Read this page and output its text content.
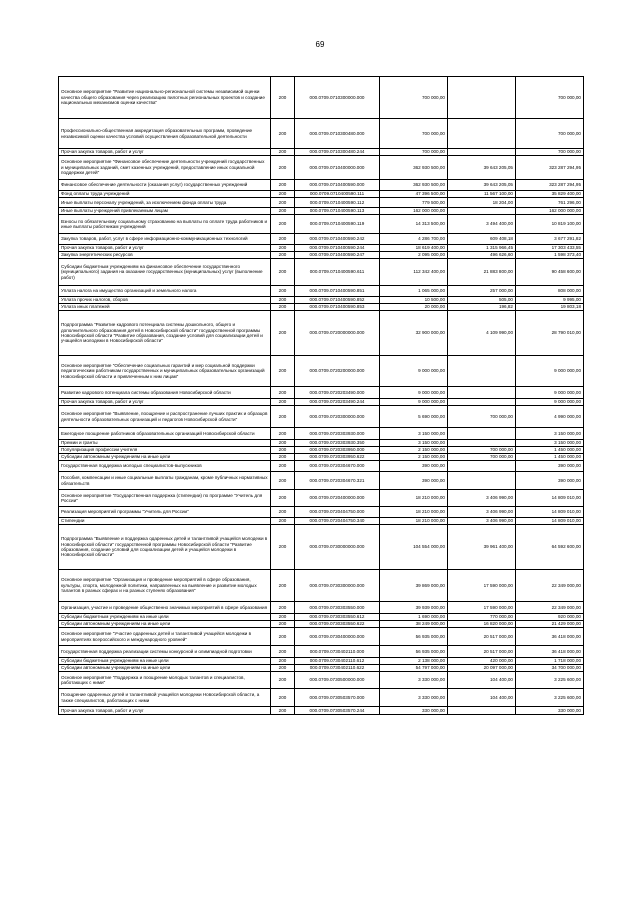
69
Основное мероприятие "Развитие национально-региональной системы независимой оценки качества общего образования через реализацию пилотных региональных проектов и создание национальных механизмов оценки качества"	200	000.0709.0710300000.000	700 000,00		700 000,00
Профессионально-общественная аккредитация образовательных программ, проведение независимой оценки качества условий осуществления образовательной деятельности	200	000.0709.0710300480.000	700 000,00		700 000,00
Прочая закупка товаров, работ и услуг	200	000.0709.0710300480.244	700 000,00		700 000,00
Основное мероприятие "Финансовое обеспечение деятельности учреждений государственных и муниципальных заданий, смет казенных учреждений, предоставление иных социальной поддержки детей"	200	000.0709.0710400000.000	362 930 500,00	39 643 205,05	323 287 294,95
Финансовое обеспечение деятельности (оказания услуг) государственных учреждений	200	000.0709.0710400590.000	362 930 500,00	39 643 205,05	323 287 294,95
Фонд оплаты труда учреждений	200	000.0709.0710400590.111	47 396 500,00	11 567 100,00	35 829 400,00
Иные выплаты персоналу учреждений, за исключением фонда оплаты труда	200	000.0709.0710400590.112	779 500,00	18 204,00	761 296,00
Иные выплаты учреждений привлекаемым лицам	200	000.0709.0710400590.113	162 000 000,00		162 000 000,00
Взносы по обязательному социальному страхованию на выплаты по оплате труда работников и иные выплаты работникам учреждений	200	000.0709.0710400590.119	14 313 500,00	3 494 400,00	10 819 100,00
Закупка товаров, работ, услуг в сфере информационно-коммуникационных технологий	200	000.0709.0710400590.242	4 286 700,00	609 408,18	3 677 291,82
Прочая закупка товаров, работ и услуг	200	000.0709.0710400590.244	18 619 400,00	1 315 966,45	17 303 433,55
Закупка энергетических ресурсов	200	000.0709.0710400590.247	2 095 000,00	496 626,60	1 598 373,40
Субсидии бюджетным учреждениям на финансовое обеспечение государственного (муниципального) задания на оказание государственных (муниципальных) услуг (выполнение работ)	200	000.0709.0710400590.611	112 342 400,00	21 883 800,00	90 458 600,00
Уплата налога на имущество организаций и земельного налога	200	000.0709.0710400590.851	1 065 000,00	257 000,00	808 000,00
Уплата прочих налогов, сборов	200	000.0709.0710400590.852	10 500,00	505,00	9 995,00
Уплата иных платежей	200	000.0709.0710400590.853	20 000,00	196,82	19 803,18
Подпрограмма "Развитие кадрового потенциала системы дошкольного, общего и дополнительного образования детей в Новосибирской области" государственной программы Новосибирской области "Развитие образования, создание условий для социализации детей и учащейся молодежи в Новосибирской области"	200	000.0709.0720000000.000	32 900 000,00	4 109 990,00	28 790 010,00
Основное мероприятие "Обеспечение социальных гарантий и мер социальной поддержки педагогическим работникам государственных и муниципальных образовательных организаций Новосибирской области и привлеченным к ним лицам"	200	000.0709.0720200000.000	9 000 000,00		9 000 000,00
Развитие кадрового потенциала системы образования Новосибирской области	200	000.0709.0720203490.000	9 000 000,00		9 000 000,00
Прочая закупка товаров, работ и услуг	200	000.0709.0720203490.244	9 000 000,00		9 000 000,00
Основное мероприятие "Выявление, поощрение и распространение лучших практик и образцов деятельности образовательных организаций и педагогов Новосибирской области"	200	000.0709.0720300000.000	5 690 000,00	700 000,00	4 990 000,00
Ежегодное поощрение работников образовательных организаций Новосибирской области	200	000.0709.0720303930.000	3 150 000,00		3 150 000,00
Премии и гранты	200	000.0709.0720303930.350	3 150 000,00		3 150 000,00
Популяризация профессии учителя	200	000.0709.0720303950.000	2 150 000,00	700 000,00	1 450 000,00
Субсидии автономным учреждениям на иные цели	200	000.0709.0720303950.622	2 150 000,00	700 000,00	1 450 000,00
Государственная поддержка молодых специалистов-выпускников	200	000.0709.0720304670.000	390 000,00		390 000,00
Пособия, компенсации и иные социальные выплаты гражданам, кроме публичных нормативных обязательств	200	000.0709.0720304670.321	390 000,00		390 000,00
Основное мероприятие "Государственная поддержка (стипендии) по программе "Учитель для России"	200	000.0709.0720400000.000	18 210 000,00	3 406 990,00	14 809 010,00
Реализация мероприятий программы "Учитель для России"	200	000.0709.0720404750.000	18 210 000,00	3 406 990,00	14 809 010,00
Стипендии	200	000.0709.0720404750.340	18 210 000,00	3 406 990,00	14 809 010,00
Подпрограмма "Выявление и поддержка одаренных детей и талантливой учащейся молодежи в Новосибирской области" государственной программы Новосибирской области "Развитие образования, создание условий для социализации детей и учащейся молодежи в Новосибирской области"	200	000.0709.0730000000.000	104 554 000,00	39 961 400,00	64 592 600,00
Основное мероприятие "Организация и проведение мероприятий в сфере образования, культуры, спорта, молодежной политики, направленных на выявление и развитие молодых талантов в разных сферах и на разных ступенях образования"	200	000.0709.0730300000.000	39 869 000,00	17 590 000,00	22 349 000,00
Организация, участие и проведение общественно значимых мероприятий в сфере образования	200	000.0709.0730303550.000	39 939 000,00	17 590 000,00	22 349 000,00
Субсидии бюджетным учреждениям на иные цели	200	000.0709.0730303550.612	1 690 000,00	770 000,00	920 000,00
Субсидии автономным учреждениям на иные цели	200	000.0709.0730303550.622	38 249 000,00	16 820 000,00	21 429 000,00
Основное мероприятие "Участие одаренных детей и талантливой учащейся молодежи в мероприятиях всероссийского и международного уровней"	200	000.0709.0730400000.000	56 935 000,00	20 517 000,00	36 418 000,00
Государственная поддержка реализации системы конкурсной и олимпиадной подготовки	200	000.0709.0730402110.000	56 935 000,00	20 517 000,00	36 418 000,00
Субсидии бюджетным учреждениям на иные цели	200	000.0709.0730402110.612	2 138 000,00	420 000,00	1 718 000,00
Субсидии автономным учреждениям на иные цели	200	000.0709.0730402110.622	54 797 000,00	20 097 000,00	34 700 000,00
Основное мероприятие "Поддержка и поощрение молодых талантов и специалистов, работающих с ними"	200	000.0709.0730500000.000	3 330 000,00	104 400,00	3 225 600,00
Поощрение одаренных детей и талантливой учащейся молодежи Новосибирской области, а также специалистов, работающих с ними	200	000.0709.0730503570.000	3 330 000,00	104 400,00	3 225 600,00
Прочая закупка товаров, работ и услуг	200	000.0709.0730503570.244	330 000,00		330 000,00
